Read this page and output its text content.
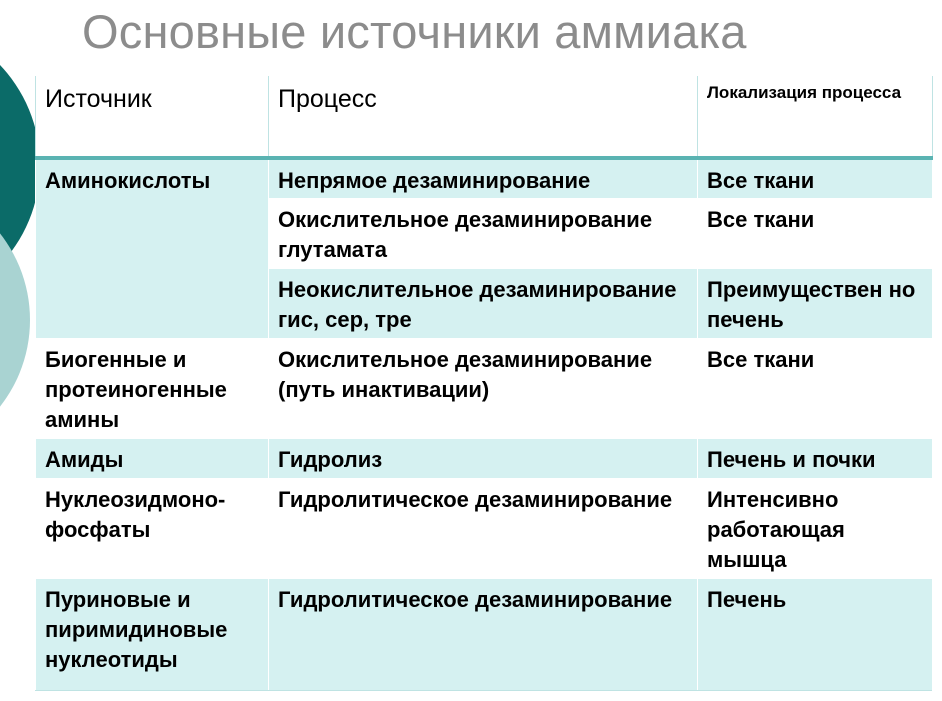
Основные источники аммиака
Источник	Процесс	Локализация процесса
Аминокислоты	Непрямое дезаминирование	Все ткани
	Окислительное дезаминирование глутамата	Все ткани
	Неокислительное дезаминирование гис, сер, тре	Преимуществен но печень
Биогенные и протеиногенные амины	Окислительное дезаминирование (путь инактивации)	Все ткани
Амиды	Гидролиз	Печень и почки
Нуклеозидмоно-фосфаты	Гидролитическое дезаминирование	Интенсивно работающая мышца
Пуриновые и пиримидиновые нуклеотиды	Гидролитическое дезаминирование	Печень
